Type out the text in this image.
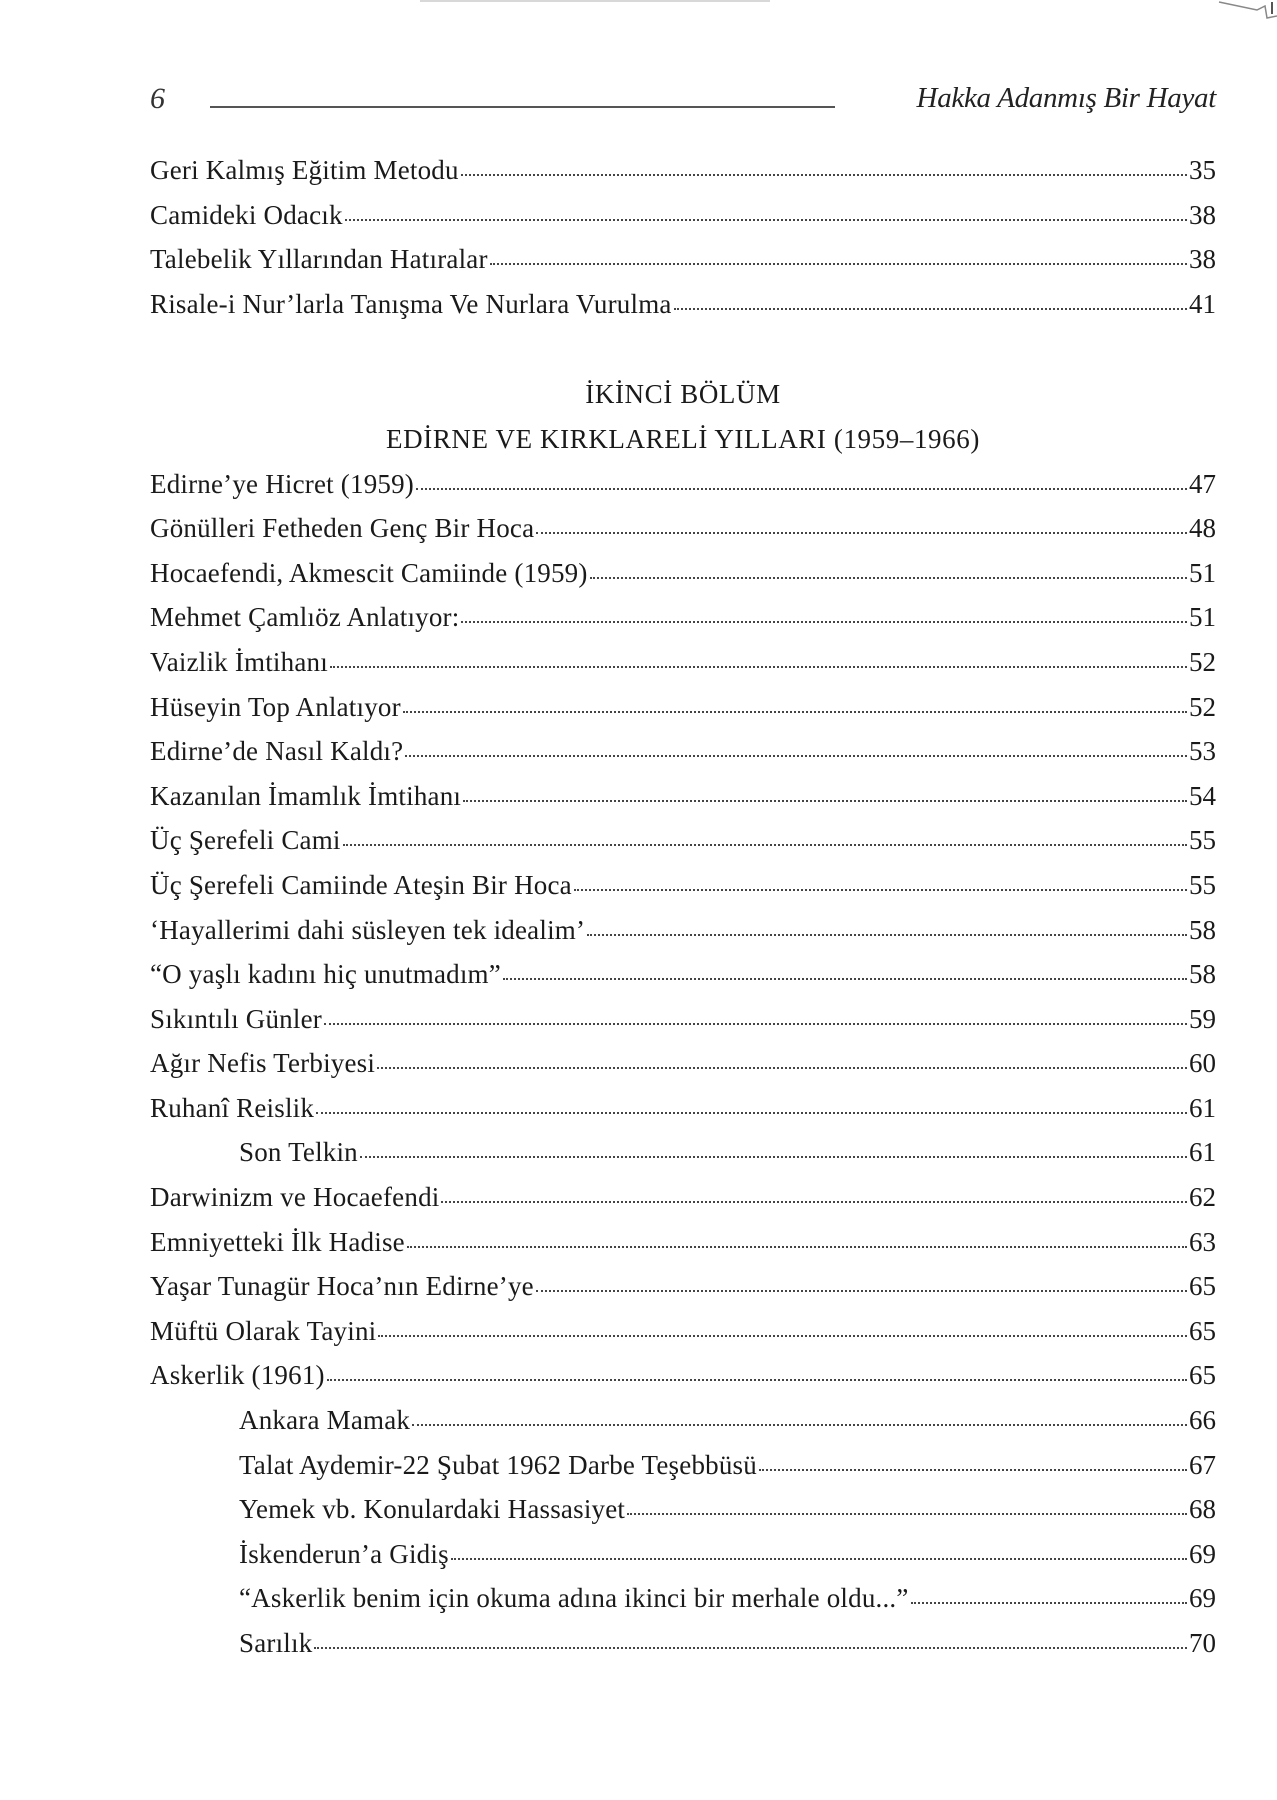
6	Hakka Adanmış Bir Hayat
Geri Kalmış Eğitim Metodu	35
Camideki Odacık	38
Talebelik Yıllarından Hatıralar	38
Risale-i Nur’larla Tanışma Ve Nurlara Vurulma	41
İKİNCİ BÖLÜM
EDİRNE VE KIRKLARELİ YILLARI (1959–1966)
Edirne’ye Hicret (1959)	47
Gönülleri Fetheden Genç Bir Hoca	48
Hocaefendi, Akmescit Camiinde (1959)	51
Mehmet Çamlıöz Anlatıyor:	51
Vaizlik İmtihanı	52
Hüseyin Top Anlatıyor	52
Edirne’de Nasıl Kaldı?	53
Kazanılan İmamlık İmtihanı	54
Üç Şerefeli Cami	55
Üç Şerefeli Camiinde Ateşin Bir Hoca	55
‘Hayallerimi dahi süsleyen tek idealim’	58
“O yaşlı kadını hiç unutmadım”	58
Sıkıntılı Günler	59
Ağır Nefis Terbiyesi	60
Ruhanî Reislik	61
Son Telkin	61
Darwinizm ve Hocaefendi	62
Emniyetteki İlk Hadise	63
Yaşar Tunagür Hoca’nın Edirne’ye	65
Müftü Olarak Tayini	65
Askerlik (1961)	65
Ankara Mamak	66
Talat Aydemir-22 Şubat 1962 Darbe Teşebbüsü	67
Yemek vb. Konulardaki Hassasiyet	68
İskenderun’a Gidiş	69
“Askerlik benim için okuma adına ikinci bir merhale oldu...”	69
Sarılık	70
